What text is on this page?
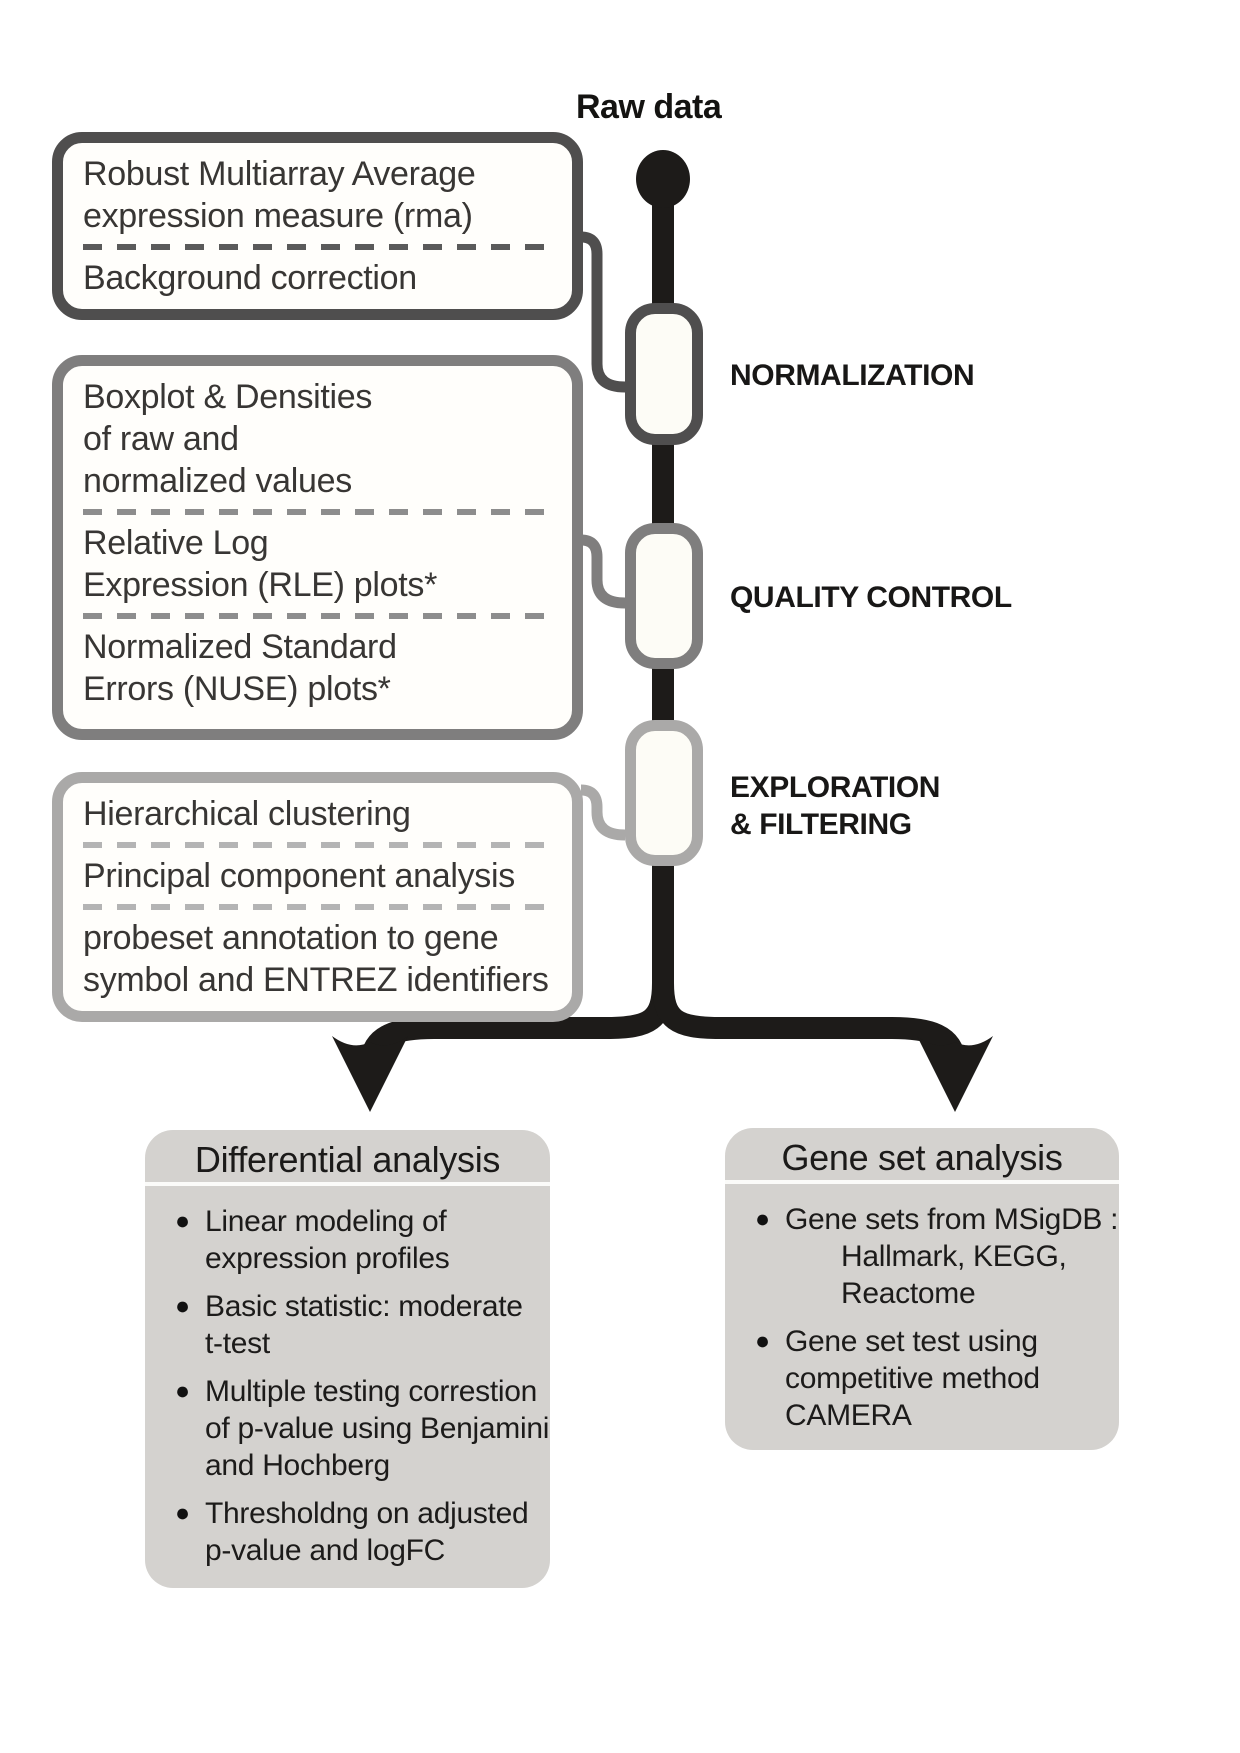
Raw data
Robust Multiarray Average
expression measure (rma)
Background correction
Boxplot & Densities
of raw and
normalized values
Relative Log
Expression (RLE) plots*
Normalized Standard
Errors (NUSE) plots*
Hierarchical clustering
Principal component analysis
probeset annotation to gene
symbol and ENTREZ identifiers
NORMALIZATION
QUALITY CONTROL
EXPLORATION
& FILTERING
Differential analysis
● Linear modeling of
expression profiles
● Basic statistic: moderate
t-test
● Multiple testing correstion
of p-value using Benjamini
and Hochberg
● Thresholdng on adjusted
p-value and logFC
Gene set analysis
● Gene sets from MSigDB :
Hallmark, KEGG,
Reactome
● Gene set test using
competitive method
CAMERA
